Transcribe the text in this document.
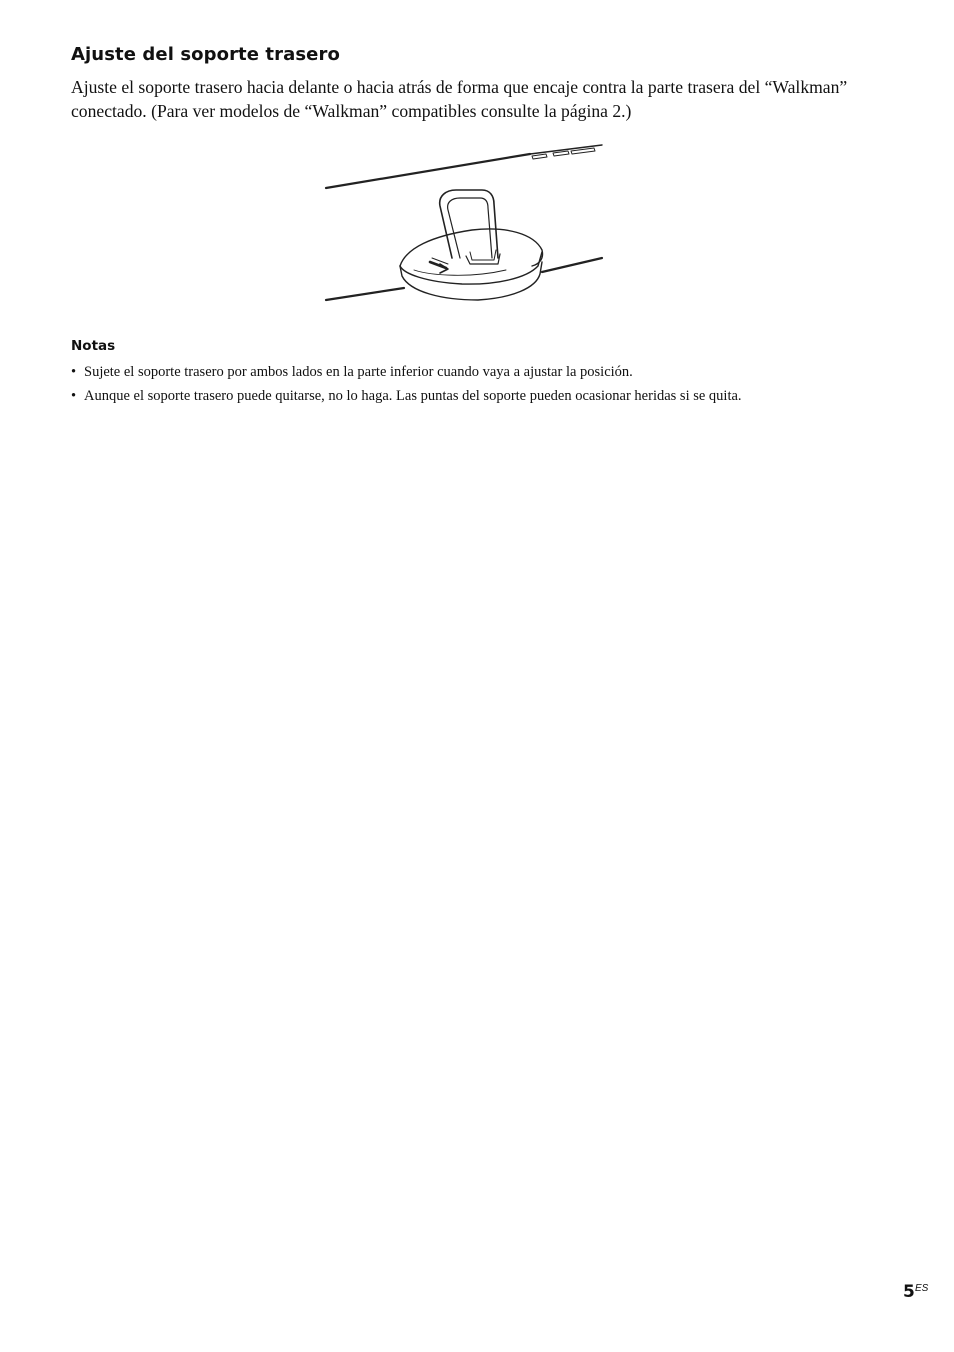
Ajuste del soporte trasero

Ajuste el soporte trasero hacia delante o hacia atrás de forma que encaje contra la parte trasera del “Walkman” conectado. (Para ver modelos de “Walkman” compatibles consulte la página 2.)

Notas
• Sujete el soporte trasero por ambos lados en la parte inferior cuando vaya a ajustar la posición.
• Aunque el soporte trasero puede quitarse, no lo haga. Las puntas del soporte pueden ocasionar heridas si se quita.
5 ES
